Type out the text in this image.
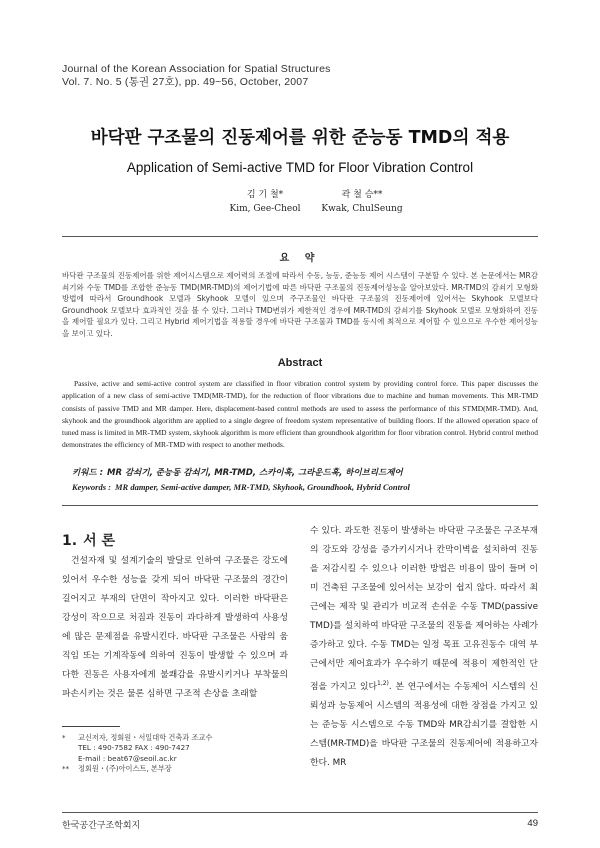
Journal of the Korean Association for Spatial Structures
Vol. 7. No. 5 (통권 27호), pp. 49~56, October, 2007
바닥판 구조물의 진동제어를 위한 준능동 TMD의 적용
Application of Semi-active TMD for Floor Vibration Control
김 기 철*
Kim, Gee-Cheol
곽 철 승**
Kwak, ChulSeung
요 약
바닥판 구조물의 진동제어를 위한 제어시스템으로 제어력의 조절에 따라서 수동, 능동, 준능동 제어 시스템이 구분할 수 있다. 본 논문에서는 MR감쇠기와 수동 TMD를 조합한 준능동 TMD(MR-TMD)의 제어기법에 따른 바닥판 구조물의 진동제어성능을 알아보았다. MR-TMD의 감쇠기 모형화 방법에 따라서 Groundhook 모델과 Skyhook 모델이 있으며 주구조물인 바닥판 구조물의 진동제어에 있어서는 Skyhook 모델보다 Groundhook 모델보다 효과적인 것을 볼 수 있다. 그러나 TMD변위가 제한적인 경우에 MR-TMD의 감쇠기를 Skyhook 모델로 모형화하여 진동을 제어할 필요가 있다. 그리고 Hybrid 제어기법을 적용할 경우에 바닥판 구조물과 TMD를 동시에 최적으로 제어할 수 있으므로 우수한 제어성능을 보이고 있다.
Abstract
Passive, active and semi-active control system are classified in floor vibration control system by providing control force. This paper discusses the application of a new class of semi-active TMD(MR-TMD), for the reduction of floor vibrations due to machine and human movements. This MR-TMD consists of passive TMD and MR damper. Here, displacement-based control methods are used to assess the performance of this STMD(MR-TMD). And, skyhook and the groundhook algorithm are applied to a single degree of freedom system representative of building floors. If the allowed operation space of tuned mass is limited in MR-TMD system, skyhook algorithm is more efficient than groundhook algorithm for floor vibration control. Hybrid control method demonstrates the efficiency of MR-TMD with respect to another methods.
키워드 : MR 감쇠기, 준능동 감쇠기, MR-TMD, 스카이훅, 그라운드훅, 하이브리드제어
Keywords : MR damper, Semi-active damper, MR-TMD, Skyhook, Groundhook, Hybrid Control
1. 서 론

건설자재 및 설계기술의 발달로 인하여 구조물은 강도에 있어서 우수한 성능을 갖게 되어 바닥판 구조물의 경간이 길어지고 부재의 단면이 작아지고 있다. 이러한 바닥판은 강성이 작으므로 처짐과 진동이 과다하게 발생하여 사용성에 많은 문제점을 유발시킨다. 바닥판 구조물은 사람의 움직임 또는 기계작동에 의하여 진동이 발생할 수 있으며 과다한 진동은 사용자에게 불쾌감을 유발시키거나 부착물의 파손시키는 것은 물론 심하면 구조적 손상을 초래할

수 있다. 과도한 진동이 발생하는 바닥판 구조물은 구조부재의 강도와 강성을 증가키시거나 칸막이벽을 설치하여 진동을 저감시킬 수 있으나 이러한 방법은 비용이 많이 들며 이미 건축된 구조물에 있어서는 보강이 쉽지 않다. 따라서 최근에는 제작 및 관리가 비교적 손쉬운 수동 TMD(passive TMD)를 설치하여 바닥판 구조물의 진동을 제어하는 사례가 증가하고 있다. 수동 TMD는 일정 목표 고유진동수 대역 부근에서만 제어효과가 우수하기 때문에 적용이 제한적인 단점을 가지고 있다$^{1,2)}$. 본 연구에서는 수동제어 시스템의 신뢰성과 능동제어 시스템의 적용성에 대한 장점을 가지고 있는 준능동 시스템으로 수동 TMD와 MR감쇠기를 결합한 시스템(MR-TMD)을 바닥판 구조물의 진동제어에 적용하고자 한다. MR

* 교신저자, 정회원・서일대학 건축과 조교수
TEL : 490-7582 FAX : 490-7427
E-mail : beat67@seoil.ac.kr
** 정회원・(주)아이스트, 본부장
한국공간구조학회지	49
